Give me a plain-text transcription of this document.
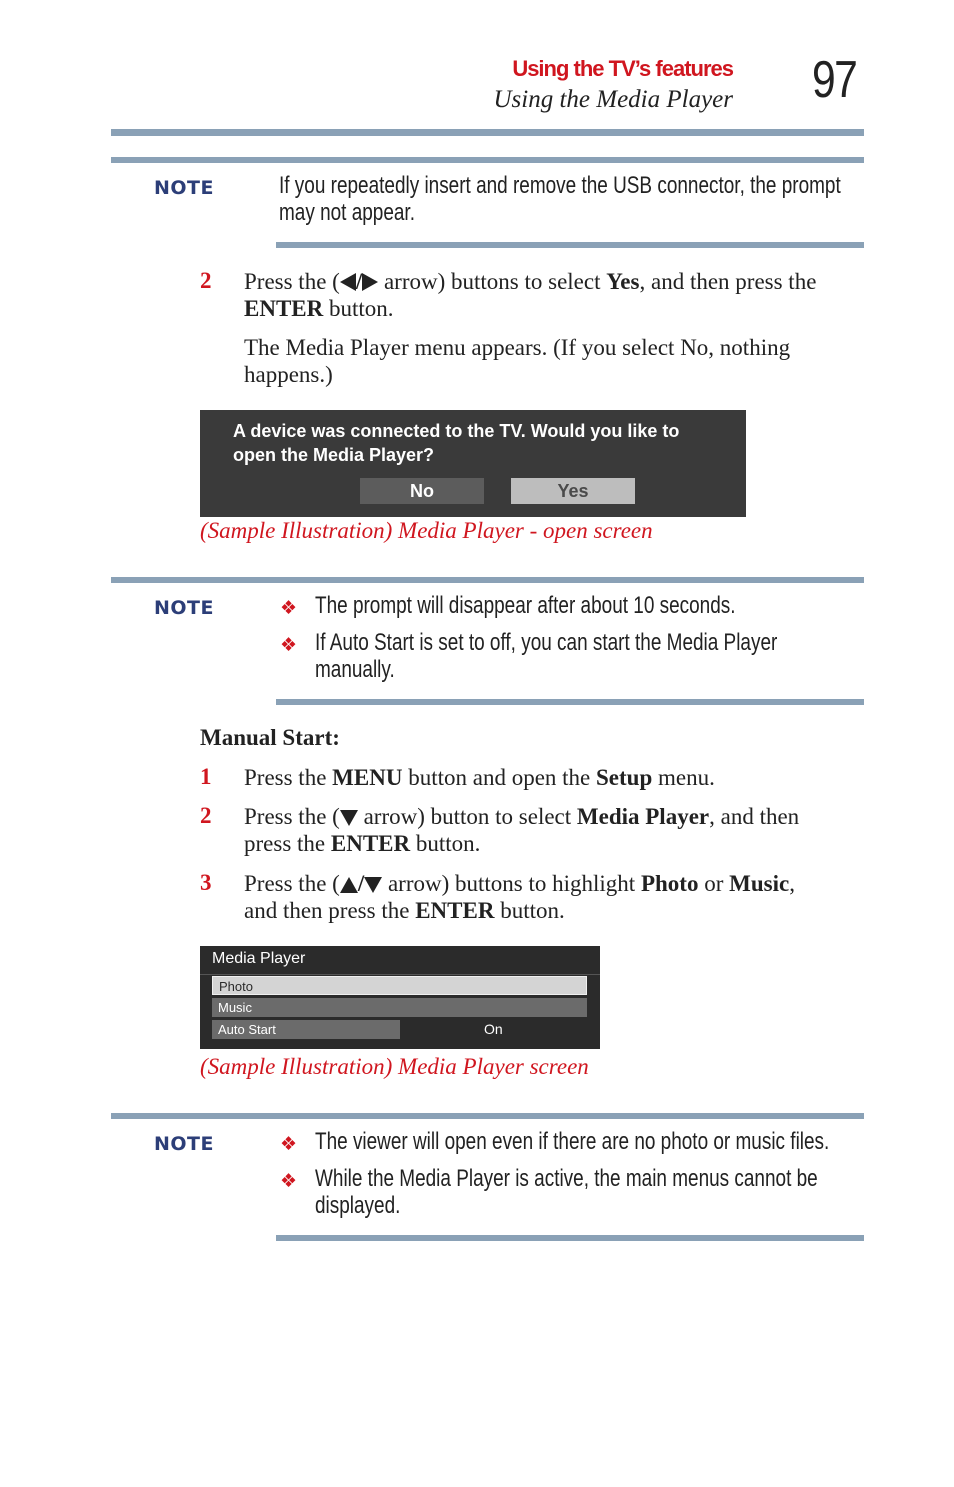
Using the TV’s features
Using the Media Player 97
NOTE	If you repeatedly insert and remove the USB connector, the prompt
may not appear.
2 Press the ( / arrow) buttons to select Yes, and then press the
ENTER button.
The Media Player menu appears. (If you select No, nothing
happens.)
A device was connected to the TV. Would you like to
open the Media Player?
No	Yes
(Sample Illustration) Media Player - open screen
NOTE	❖ The prompt will disappear after about 10 seconds.
❖ If Auto Start is set to off, you can start the Media Player
manually.
Manual Start:
1 Press the MENU button and open the Setup menu.
2 Press the ( arrow) button to select Media Player, and then
press the ENTER button.
3 Press the ( / arrow) buttons to highlight Photo or Music,
and then press the ENTER button.
Media Player
Photo
Music
Auto Start	On
(Sample Illustration) Media Player screen
NOTE	❖ The viewer will open even if there are no photo or music files.
❖ While the Media Player is active, the main menus cannot be
displayed.
